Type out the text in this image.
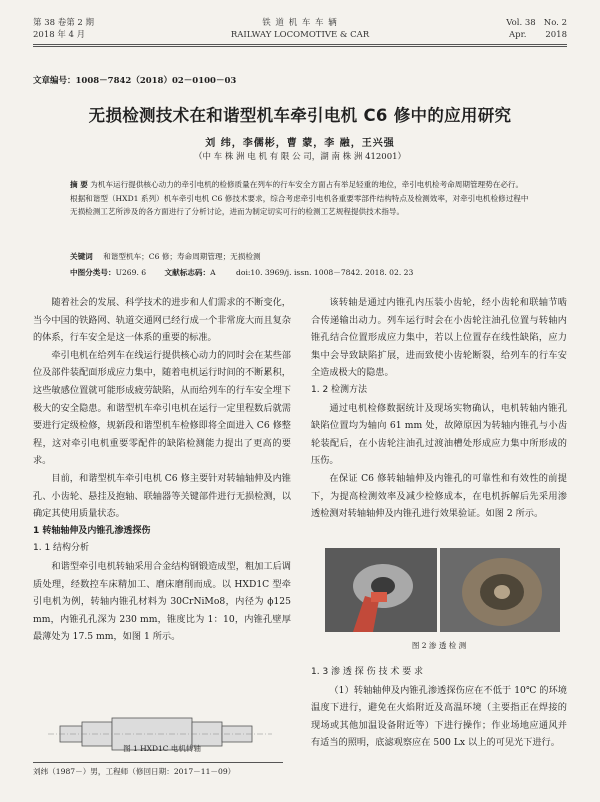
第 38 卷第 2 期
2018 年 4 月
铁 道 机 车 车 辆
RAILWAY LOCOMOTIVE & CAR
Vol. 38   No. 2
Apr.       2018
文章编号：1008－7842（2018）02－0100－03
无损检测技术在和谐型机车牵引电机 C6 修中的应用研究
刘 纬，李儒彬，曹 蒙，李 融，王兴强
（中 车 株 洲 电 机 有 限 公 司，湖 南 株 洲 412001）
摘 要 为机车运行提供核心动力的牵引电机的检修质量在列车的行车安全方面占有举足轻重的地位，牵引电机检考命周期管理势在必行。根据和谐型（HXD1 系列）机车牵引电机 C6 修技术要求，综合考虑牵引电机各重要零部件结构特点及检测效率，对牵引电机检修过程中无损检测工艺所涉及的各方面进行了分析讨论，进而为制定切实可行的检测工艺规程提供技术指导。
关键词 和谐型机车；C6 修；寿命周期管理；无损检测
中图分类号：U269. 6 文献标志码：A	doi:10. 3969/j. issn. 1008－7842. 2018. 02. 23

随着社会的发展、科学技术的进步和人们需求的不断变化，当今中国的铁路网、轨道交通网已经行成一个非常庞大而且复杂的体系，行车安全是这一体系的重要的标准。

牵引电机在给列车在线运行提供核心动力的同时会在某些部位及部件装配面形成应力集中，随着电机运行时间的不断累积，这些敏感位置就可能形成疲劳缺陷，从而给列车的行车安全埋下极大的安全隐患。和谐型机车牵引电机在运行一定里程数后就需要进行定级检修，规新段和谐型机车检修即将全面进入 C6 修整程，这对牵引电机重要零配件的缺陷检测能力提出了更高的要求。

目前，和谐型机车牵引电机 C6 修主要针对转轴轴伸及内锥孔、小齿轮、悬挂及抱轴、联轴器等关键部件进行无损检测，以确定其使用质量状态。

1 转轴轴伸及内锥孔渗透探伤
1. 1 结构分析

和谐型牵引电机转轴采用合金结构钢锻造成型，粗加工后调质处理，经数控车床精加工、磨床磨削而成。以 HXD1C 型牵引电机为例，转轴内锥孔材料为 30CrNiMo8，内径为 ϕ125 mm，内锥孔孔深为 230 mm，锥度比为 1：10，内锥孔壁厚最薄处为 17.5 mm，如图 1 所示。

图 1 HXD1C 电机转轴
刘纬（1987－）男，工程师（修回日期：2017－11－09）

该转轴是通过内锥孔内压装小齿轮，经小齿轮和联轴节啮合传递输出动力。列车运行时会在小齿轮注油孔位置与转轴内锥孔结合位置形成应力集中，若以上位置存在线性缺陷，应力集中会导致缺陷扩展，进而致使小齿轮断裂，给列车的行车安全造成极大的隐患。

1. 2 检测方法

通过电机检修数据统计及现场实物确认，电机转轴内锥孔缺陷位置均为轴向 61 mm 处，故障原因为转轴内锥孔与小齿轮装配后，在小齿轮注油孔过渡油槽处形成应力集中所形成的压伤。

在保证 C6 修转轴轴伸及内锥孔的可靠性和有效性的前提下，为提高检测效率及减少检修成本，在电机拆解后先采用渗透检测对转轴轴伸及内锥孔进行效果验证。如图 2 所示。

图 2 渗 透 检 测
1. 3 渗 透 探 伤 技 术 要 求

（1）转轴轴伸及内锥孔渗透探伤应在不低于 10℃ 的环境温度下进行，避免在火焰附近及高温环境（主要指正在焊接的现场或其他加温设备附近等）下进行操作；作业场地应通风并有适当的照明，底滤观察应在 500 Lx 以上的可见光下进行。
